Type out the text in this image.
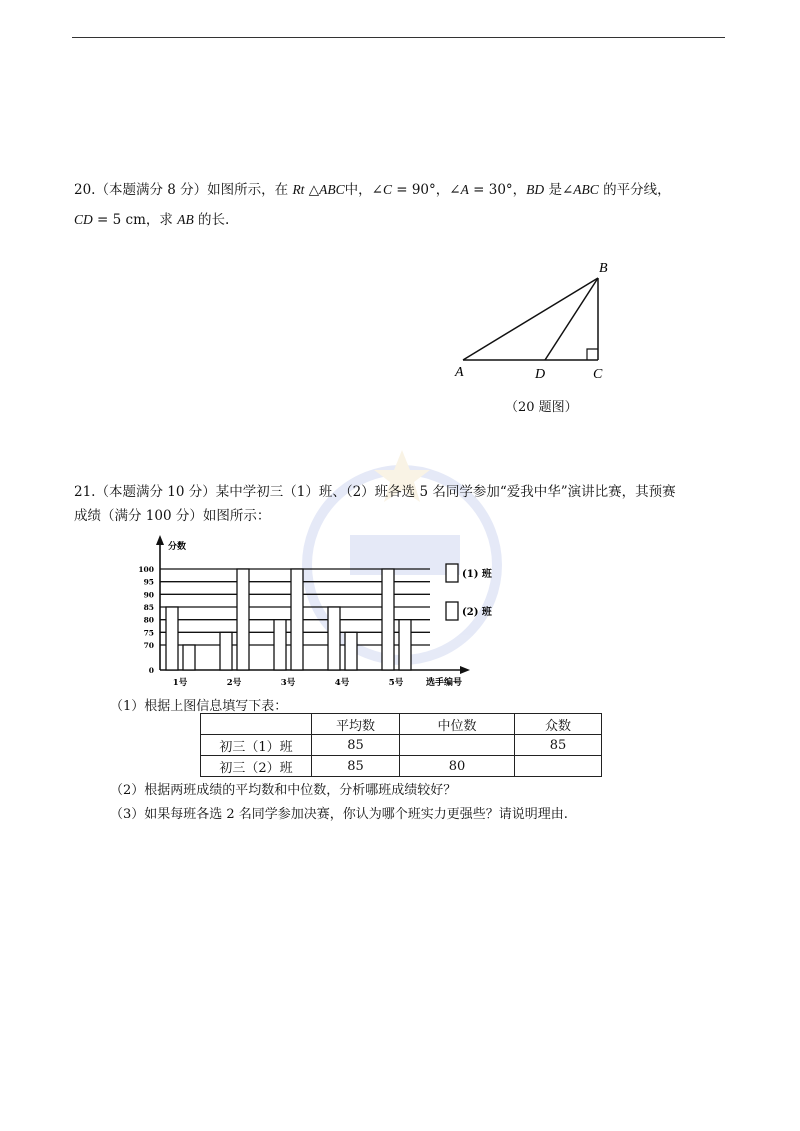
20.（本题满分 8 分）如图所示，在 Rt △ABC中，∠C = 90°，∠A = 30°，BD 是∠ABC 的平分线，
CD = 5 cm，求 AB 的长.
A
B
C
D
（20 题图）
21.（本题满分 10 分）某中学初三（1）班、（2）班各选 5 名同学参加“爱我中华”演讲比赛，其预赛
成绩（满分 100 分）如图所示：
分数
选手编号
0
70
75
80
85
90
95
100
1号	2号	3号	4号	5号
(1) 班
(2) 班
（1）根据上图信息填写下表：
	平均数	中位数	众数
初三（1）班	85		85
初三（2）班	85	80	
（2）根据两班成绩的平均数和中位数，分析哪班成绩较好？
（3）如果每班各选 2 名同学参加决赛，你认为哪个班实力更强些？请说明理由.
